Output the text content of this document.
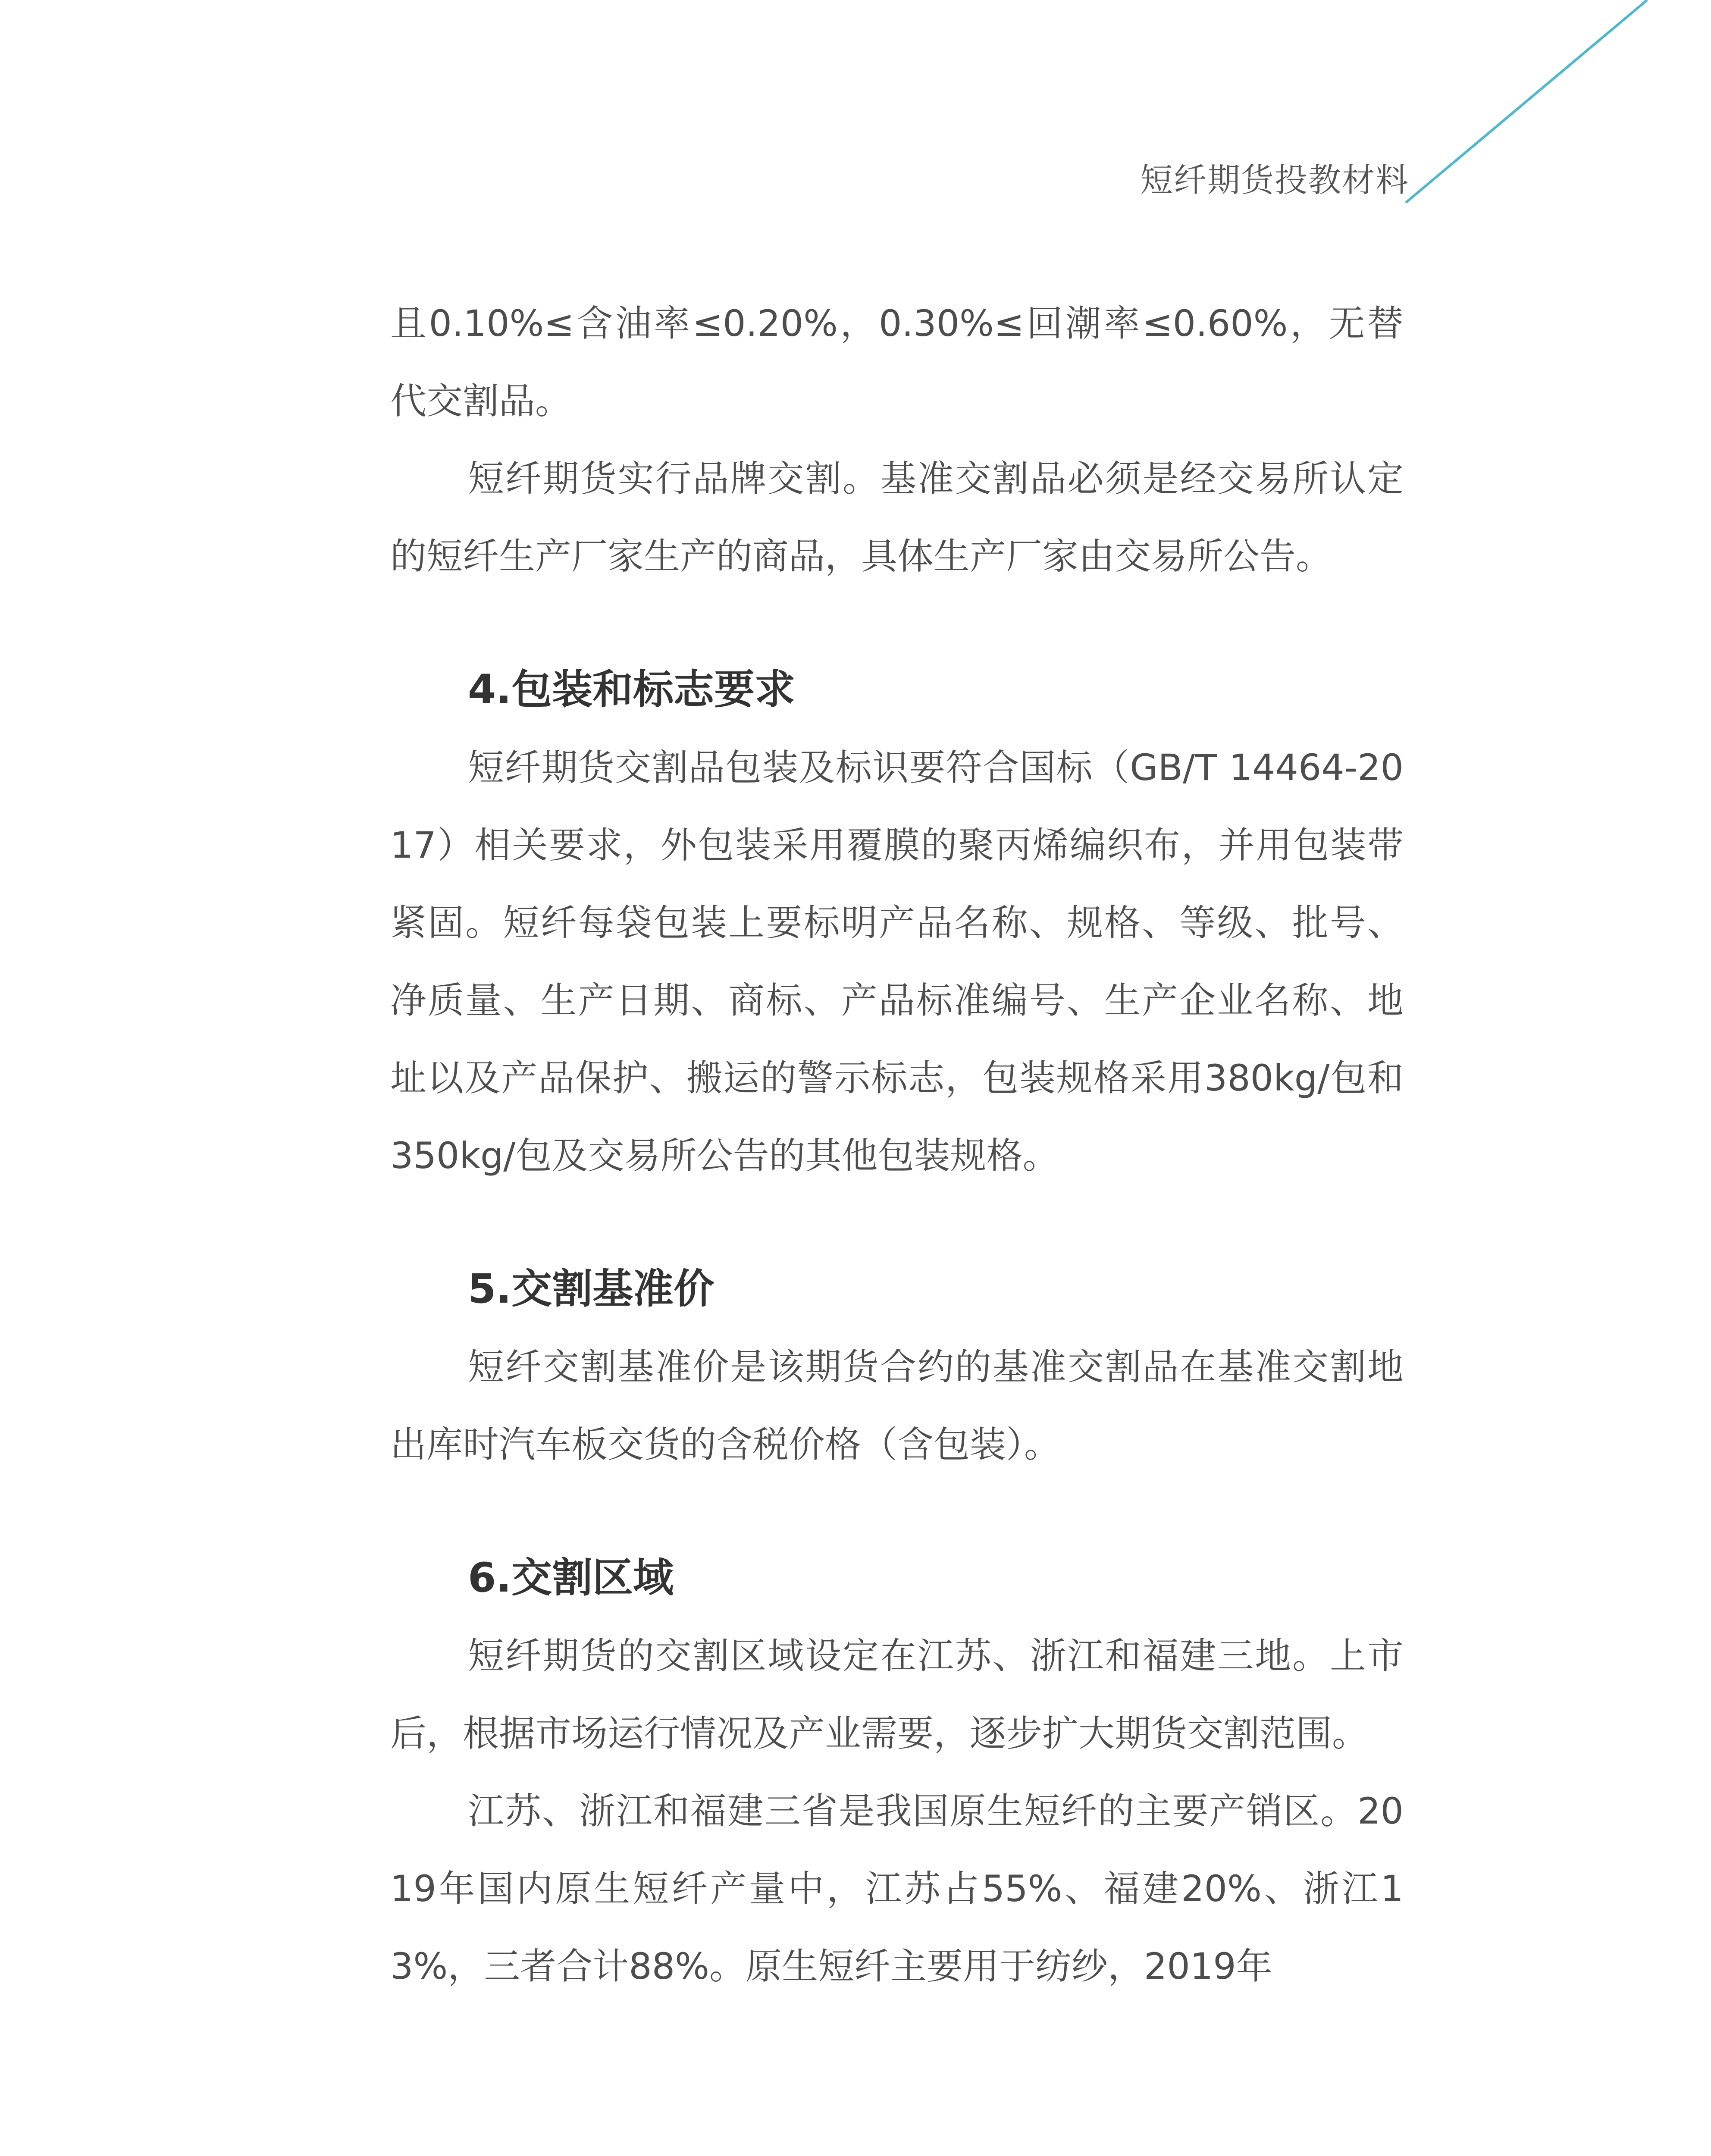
短纤期货投教材料

且0.10%≤含油率≤0.20%，0.30%≤回潮率≤0.60%，无替代交割品。

短纤期货实行品牌交割。基准交割品必须是经交易所认定的短纤生产厂家生产的商品，具体生产厂家由交易所公告。

4.包装和标志要求

短纤期货交割品包装及标识要符合国标（GB/T 14464-2017）相关要求，外包装采用覆膜的聚丙烯编织布，并用包装带紧固。短纤每袋包装上要标明产品名称、规格、等级、批号、净质量、生产日期、商标、产品标准编号、生产企业名称、地址以及产品保护、搬运的警示标志，包装规格采用380kg/包和350kg/包及交易所公告的其他包装规格。

5.交割基准价

短纤交割基准价是该期货合约的基准交割品在基准交割地出库时汽车板交货的含税价格（含包装）。

6.交割区域

短纤期货的交割区域设定在江苏、浙江和福建三地。上市后，根据市场运行情况及产业需要，逐步扩大期货交割范围。

江苏、浙江和福建三省是我国原生短纤的主要产销区。2019年国内原生短纤产量中，江苏占55%、福建20%、浙江13%，三者合计88%。原生短纤主要用于纺纱，2019年
